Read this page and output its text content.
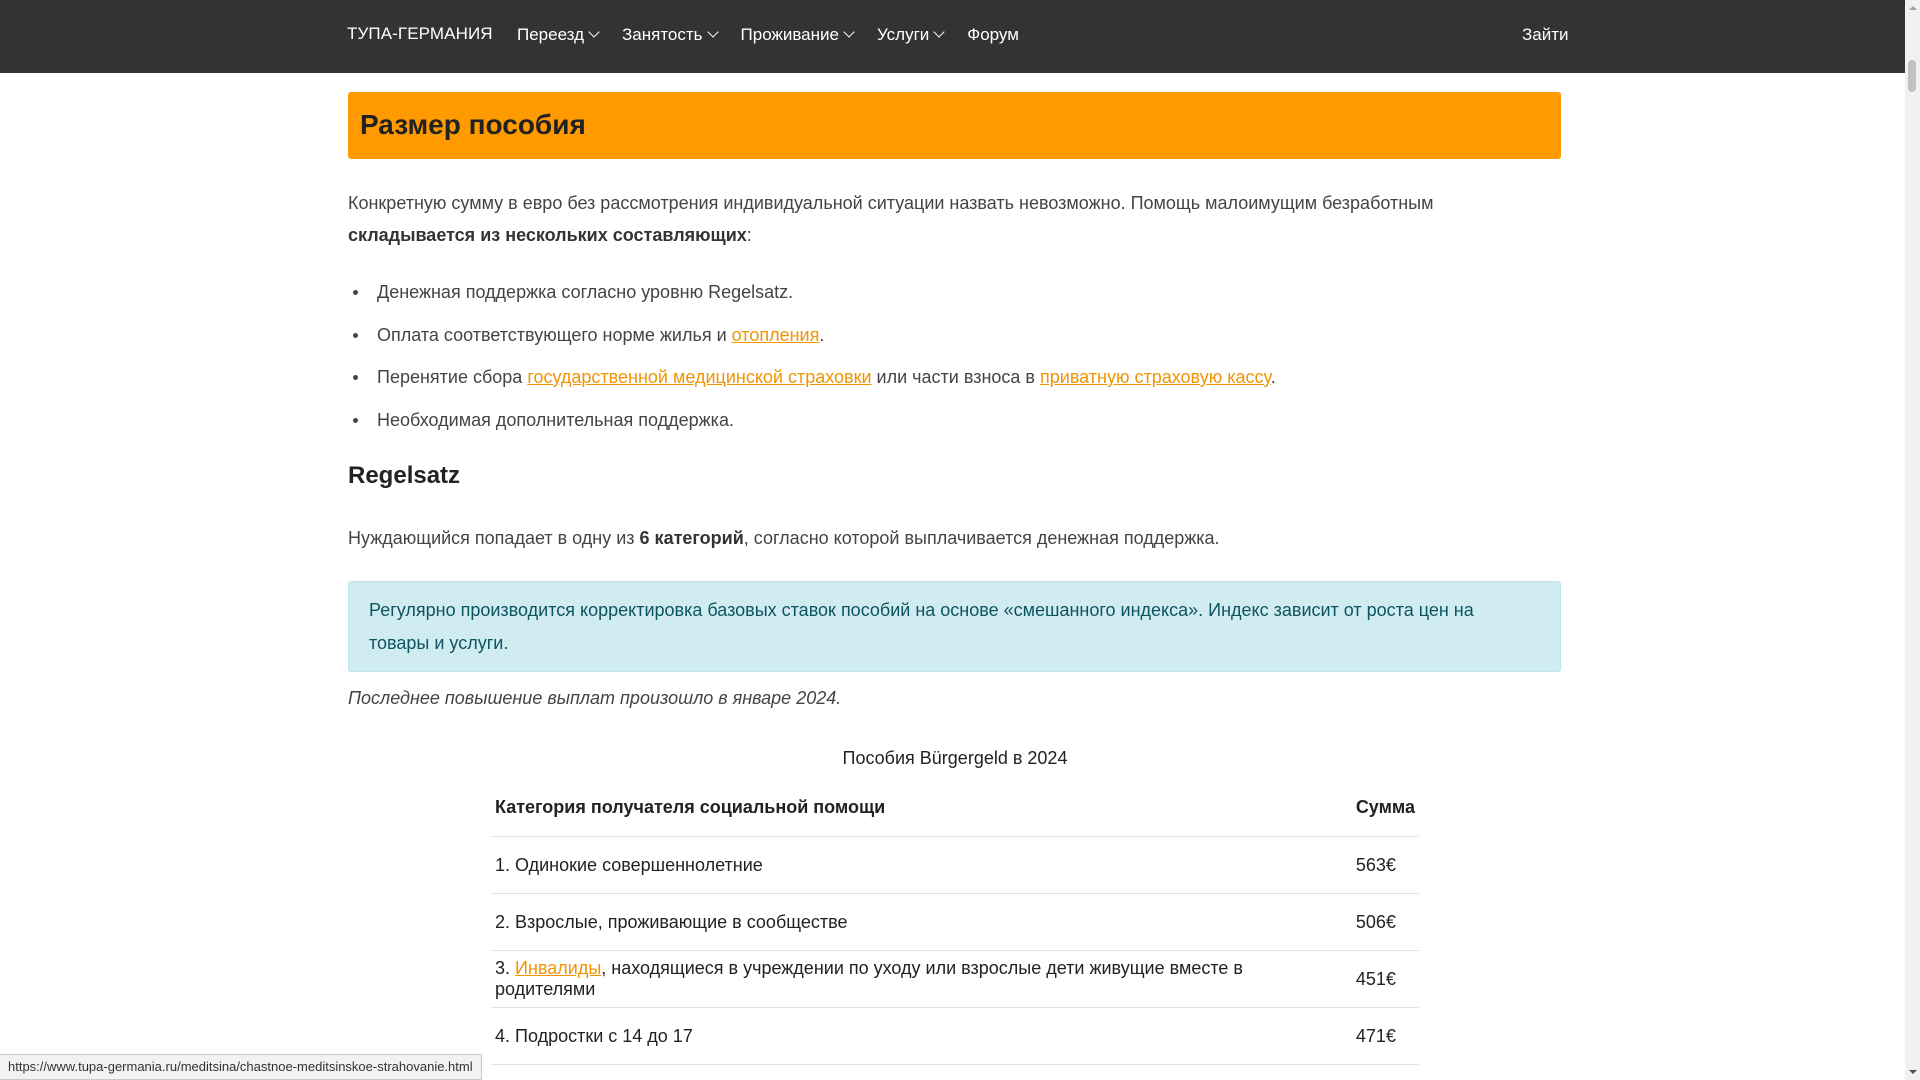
ТУПА-ГЕРМАНИЯ Переезд Занятость Проживание Услуги Форум	Зайти
Размер пособия
Конкретную сумму в евро без рассмотрения индивидуальной ситуации назвать невозможно. Помощь малоимущим безработным складывается из нескольких составляющих:
Денежная поддержка согласно уровню Regelsatz.
Оплата соответствующего норме жилья и отопления.
Перенятие сбора государственной медицинской страховки или части взноса в приватную страховую кассу.
Необходимая дополнительная поддержка.
Regelsatz
Нуждающийся попадает в одну из 6 категорий, согласно которой выплачивается денежная поддержка.

Регулярно производится корректировка базовых ставок пособий на основе «смешанного индекса». Индекс зависит от роста цен на товары и услуги.

Последнее повышение выплат произошло в январе 2024.
Пособия Bürgergeld в 2024
Категория получателя социальной помощи	Сумма
1. Одинокие совершеннолетние	563€
2. Взрослые, проживающие в сообществе	506€
3. Инвалиды, находящиеся в учреждении по уходу или взрослые дети живущие вместе в родителями	451€
4. Подростки с 14 до 17	471€
https://www.tupa-germania.ru/meditsina/chastnoe-meditsinskoe-strahovanie.html
